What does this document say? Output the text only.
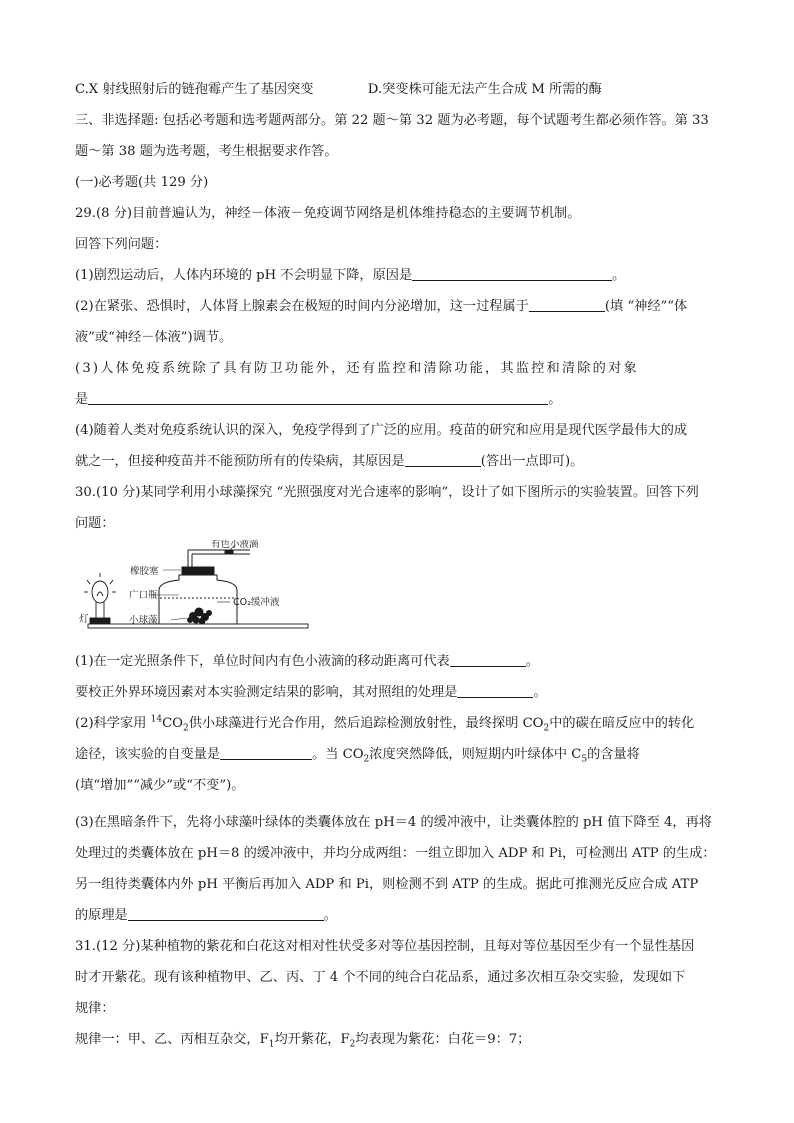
C.X 射线照射后的链孢霉产生了基因突变	D.突变株可能无法产生合成 M 所需的酶
三、非选择题: 包括必考题和选考题两部分。第 22 题～第 32 题为必考题，每个试题考生都必须作答。第 33
题～第 38 题为选考题，考生根据要求作答。
(一)必考题(共 129 分)
29.(8 分)目前普遍认为，神经－体液－免疫调节网络是机体维持稳态的主要调节机制。
回答下列问题：
(1)剧烈运动后，人体内环境的 pH 不会明显下降，原因是	。
(2)在紧张、恐惧时，人体肾上腺素会在极短的时间内分泌增加，这一过程属于	(填 “神经”“体
液”或“神经－体液”)调节。
(3)人体免疫系统除了具有防卫功能外，还有监控和清除功能，其监控和清除的对象
是	。
(4)随着人类对免疫系统认识的深入，免疫学得到了广泛的应用。疫苗的研究和应用是现代医学最伟大的成
就之一，但接种疫苗并不能预防所有的传染病，其原因是	(答出一点即可)。
30.(10 分)某同学利用小球藻探究 “光照强度对光合速率的影响”，设计了如下图所示的实验装置。回答下列
问题：
橡胶塞
有色小液滴
广口瓶
CO₂缓冲液
灯	小球藻
(1)在一定光照条件下，单位时间内有色小液滴的移动距离可代表	。
要校正外界环境因素对本实验测定结果的影响，其对照组的处理是	。
(2)科学家用 $^{14}CO_2$供小球藻进行光合作用，然后追踪检测放射性，最终探明 $CO_2$中的碳在暗反应中的转化
途径，该实验的自变量是	。当 $CO_2$浓度突然降低，则短期内叶绿体中 $C_5$的含量将
(填“增加”“减少”或“不变”)。
(3)在黑暗条件下，先将小球藻叶绿体的类囊体放在 pH＝4 的缓冲液中，让类囊体腔的 pH 值下降至 4，再将
处理过的类囊体放在 pH＝8 的缓冲液中，并均分成两组：一组立即加入 ADP 和 Pi，可检测出 ATP 的生成：
另一组待类囊体内外 pH 平衡后再加入 ADP 和 Pi，则检测不到 ATP 的生成。据此可推测光反应合成 ATP
的原理是	。
31.(12 分)某种植物的紫花和白花这对相对性状受多对等位基因控制，且每对等位基因至少有一个显性基因
时才开紫花。现有该种植物甲、乙、丙、丁 4 个不同的纯合白花品系，通过多次相互杂交实验，发现如下
规律：
规律一：甲、乙、丙相互杂交，$F_1$均开紫花，$F_2$均表现为紫花：白花＝9：7；
